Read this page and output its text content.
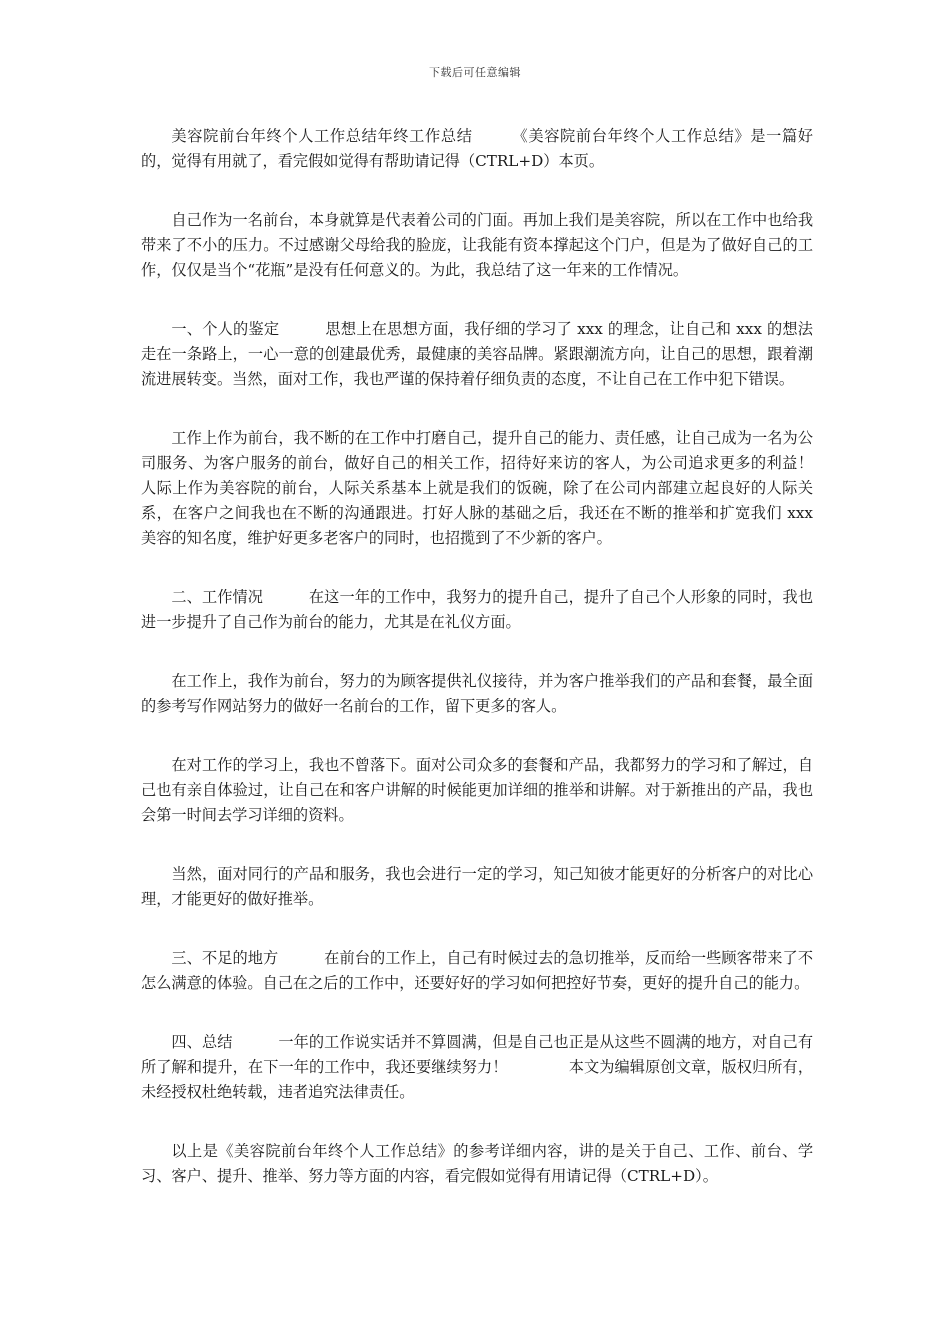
下载后可任意编辑

美容院前台年终个人工作总结年终工作总结　　　《美容院前台年终个人工作总结》是一篇好的，觉得有用就了，看完假如觉得有帮助请记得（CTRL+D）本页。

自己作为一名前台，本身就算是代表着公司的门面。再加上我们是美容院，所以在工作中也给我带来了不小的压力。不过感谢父母给我的脸庞，让我能有资本撑起这个门户，但是为了做好自己的工作，仅仅是当个“花瓶”是没有任何意义的。为此，我总结了这一年来的工作情况。

一、个人的鉴定　　　思想上在思想方面，我仔细的学习了 xxx 的理念，让自己和 xxx 的想法走在一条路上，一心一意的创建最优秀，最健康的美容品牌。紧跟潮流方向，让自己的思想，跟着潮流进展转变。当然，面对工作，我也严谨的保持着仔细负责的态度，不让自己在工作中犯下错误。

工作上作为前台，我不断的在工作中打磨自己，提升自己的能力、责任感，让自己成为一名为公司服务、为客户服务的前台，做好自己的相关工作，招待好来访的客人，为公司追求更多的利益！　　　人际上作为美容院的前台，人际关系基本上就是我们的饭碗，除了在公司内部建立起良好的人际关系，在客户之间我也在不断的沟通跟进。打好人脉的基础之后，我还在不断的推举和扩宽我们 xxx 美容的知名度，维护好更多老客户的同时，也招揽到了不少新的客户。

二、工作情况　　　在这一年的工作中，我努力的提升自己，提升了自己个人形象的同时，我也进一步提升了自己作为前台的能力，尤其是在礼仪方面。

在工作上，我作为前台，努力的为顾客提供礼仪接待，并为客户推举我们的产品和套餐，最全面的参考写作网站努力的做好一名前台的工作，留下更多的客人。

在对工作的学习上，我也不曾落下。面对公司众多的套餐和产品，我都努力的学习和了解过，自己也有亲自体验过，让自己在和客户讲解的时候能更加详细的推举和讲解。对于新推出的产品，我也会第一时间去学习详细的资料。

当然，面对同行的产品和服务，我也会进行一定的学习，知己知彼才能更好的分析客户的对比心理，才能更好的做好推举。

三、不足的地方　　　在前台的工作上，自己有时候过去的急切推举，反而给一些顾客带来了不怎么满意的体验。自己在之后的工作中，还要好好的学习如何把控好节奏，更好的提升自己的能力。

四、总结　　　一年的工作说实话并不算圆满，但是自己也正是从这些不圆满的地方，对自己有所了解和提升，在下一年的工作中，我还要继续努力！　　　　本文为编辑原创文章，版权归所有，未经授权杜绝转载，违者追究法律责任。

以上是《美容院前台年终个人工作总结》的参考详细内容，讲的是关于自己、工作、前台、学习、客户、提升、推举、努力等方面的内容，看完假如觉得有用请记得（CTRL+D）。
